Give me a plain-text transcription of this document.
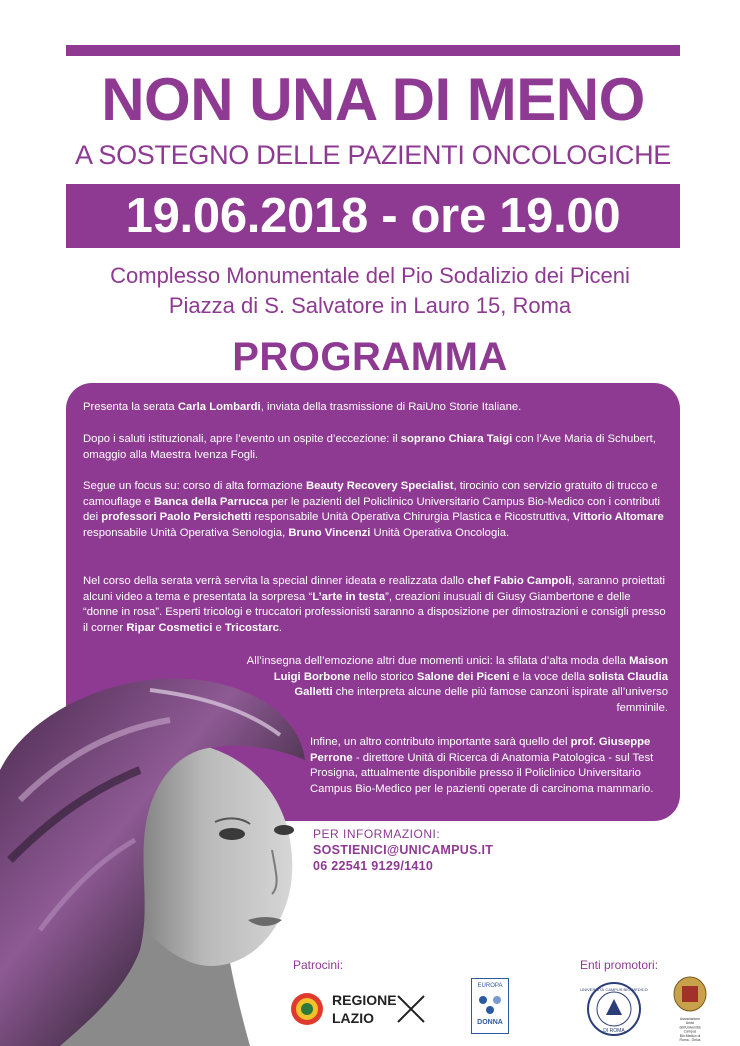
NON UNA DI MENO
A SOSTEGNO DELLE PAZIENTI ONCOLOGICHE
19.06.2018 - ore 19.00
Complesso Monumentale del Pio Sodalizio dei Piceni
Piazza di S. Salvatore in Lauro 15, Roma
PROGRAMMA
Presenta la serata Carla Lombardi, inviata della trasmissione di RaiUno Storie Italiane.
Dopo i saluti istituzionali, apre l’evento un ospite d’eccezione: il soprano Chiara Taigi con l’Ave Maria di Schubert, omaggio alla Maestra Ivenza Fogli.
Segue un focus su: corso di alta formazione Beauty Recovery Specialist, tirocinio con servizio gratuito di trucco e camouflage e Banca della Parrucca per le pazienti del Policlinico Universitario Campus Bio-Medico con i contributi dei professori Paolo Persichetti responsabile Unità Operativa Chirurgia Plastica e Ricostruttiva, Vittorio Altomare responsabile Unità Operativa Senologia, Bruno Vincenzi Unità Operativa Oncologia.
Nel corso della serata verrà servita la special dinner ideata e realizzata dallo chef Fabio Campoli, saranno proiettati alcuni video a tema e presentata la sorpresa “L’arte in testa”, creazioni inusuali di Giusy Giambertone e delle “donne in rosa”. Esperti tricologi e truccatori professionisti saranno a disposizione per dimostrazioni e consigli presso il corner Ripar Cosmetici e Tricostarc.
All’insegna dell’emozione altri due momenti unici: la sfilata d’alta moda della Maison Luigi Borbone nello storico Salone dei Piceni e la voce della solista Claudia Galletti che interpreta alcune delle più famose canzoni ispirate all’universo femminile.
Infine, un altro contributo importante sarà quello del prof. Giuseppe Perrone - direttore Unità di Ricerca di Anatomia Patologica - sul Test Prosigna, attualmente disponibile presso il Policlinico Universitario Campus Bio-Medico per le pazienti operate di carcinoma mammario.
PER INFORMAZIONI:
SOSTIENICI@UNICAMPUS.IT
06 22541 9129/1410
Patrocini:	Enti promotori:
REGIONE
LAZIO
EUROPA
DONNA
UNIVERSITÀ CAMPUS BIO-MEDICO
DI ROMA
Associazione Amici dell'Università Campus Bio-Medico di Roma - Onlus
